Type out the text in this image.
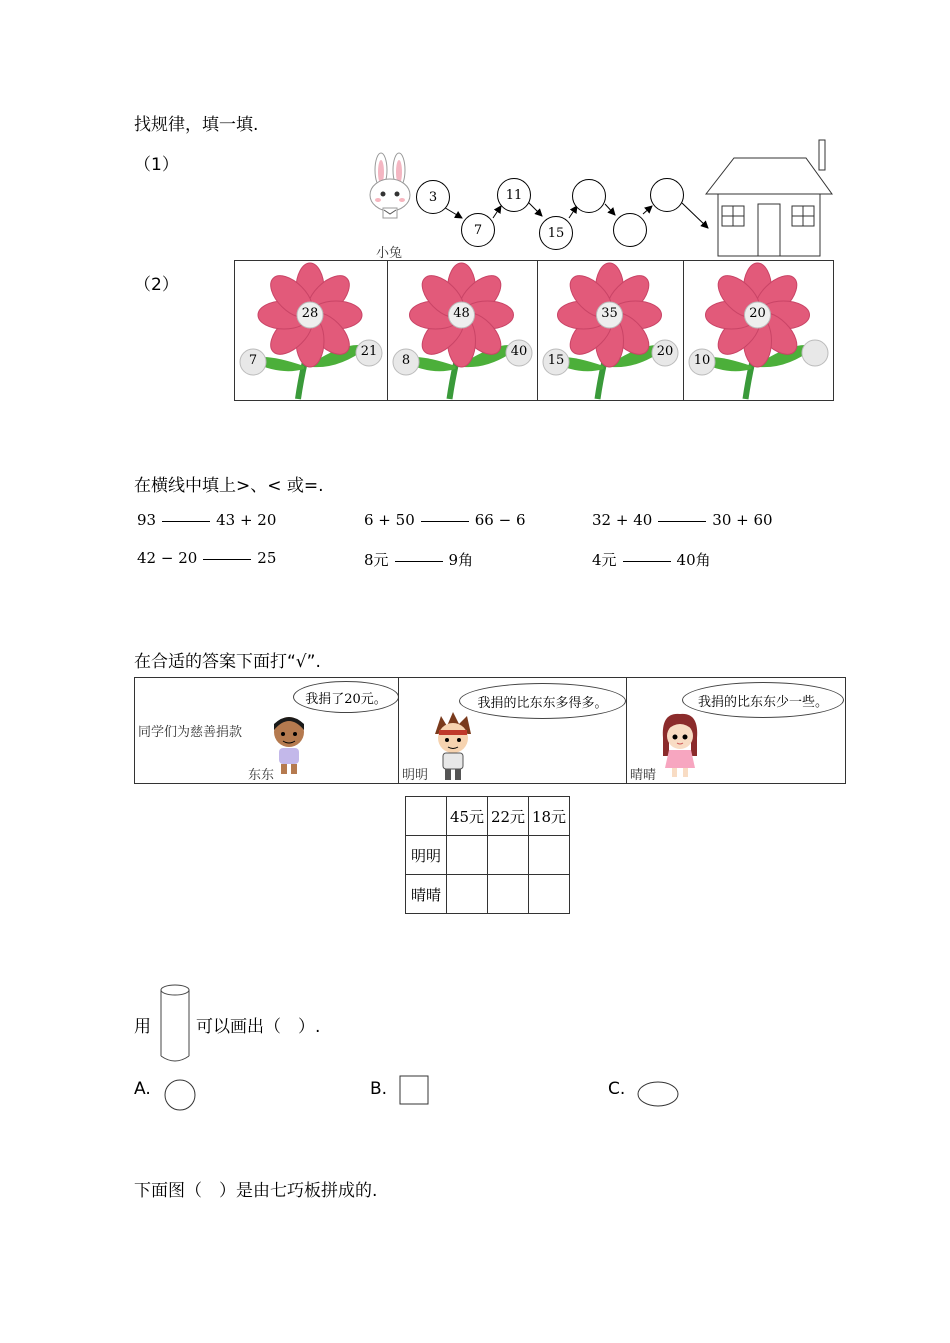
找规律，填一填.
（1）
（2）
小兔
3
7
11
15
28
7
21
48
8
40
35
15
20
20
10
在横线中填上>、< 或=.
93	43 + 20	6 + 50	66 − 6	32 + 40	30 + 60
42 − 20	25	8元	9角	4元	40角
在合适的答案下面打“√”.
同学们为慈善捐款
我捐了20元。
东东
我捐的比东东多得多。
明明
我捐的比东东少一些。
晴晴
	45元	22元	18元
明明			
晴晴			
用	可以画出（　）.
A.	B.	C.
下面图（　）是由七巧板拼成的.
